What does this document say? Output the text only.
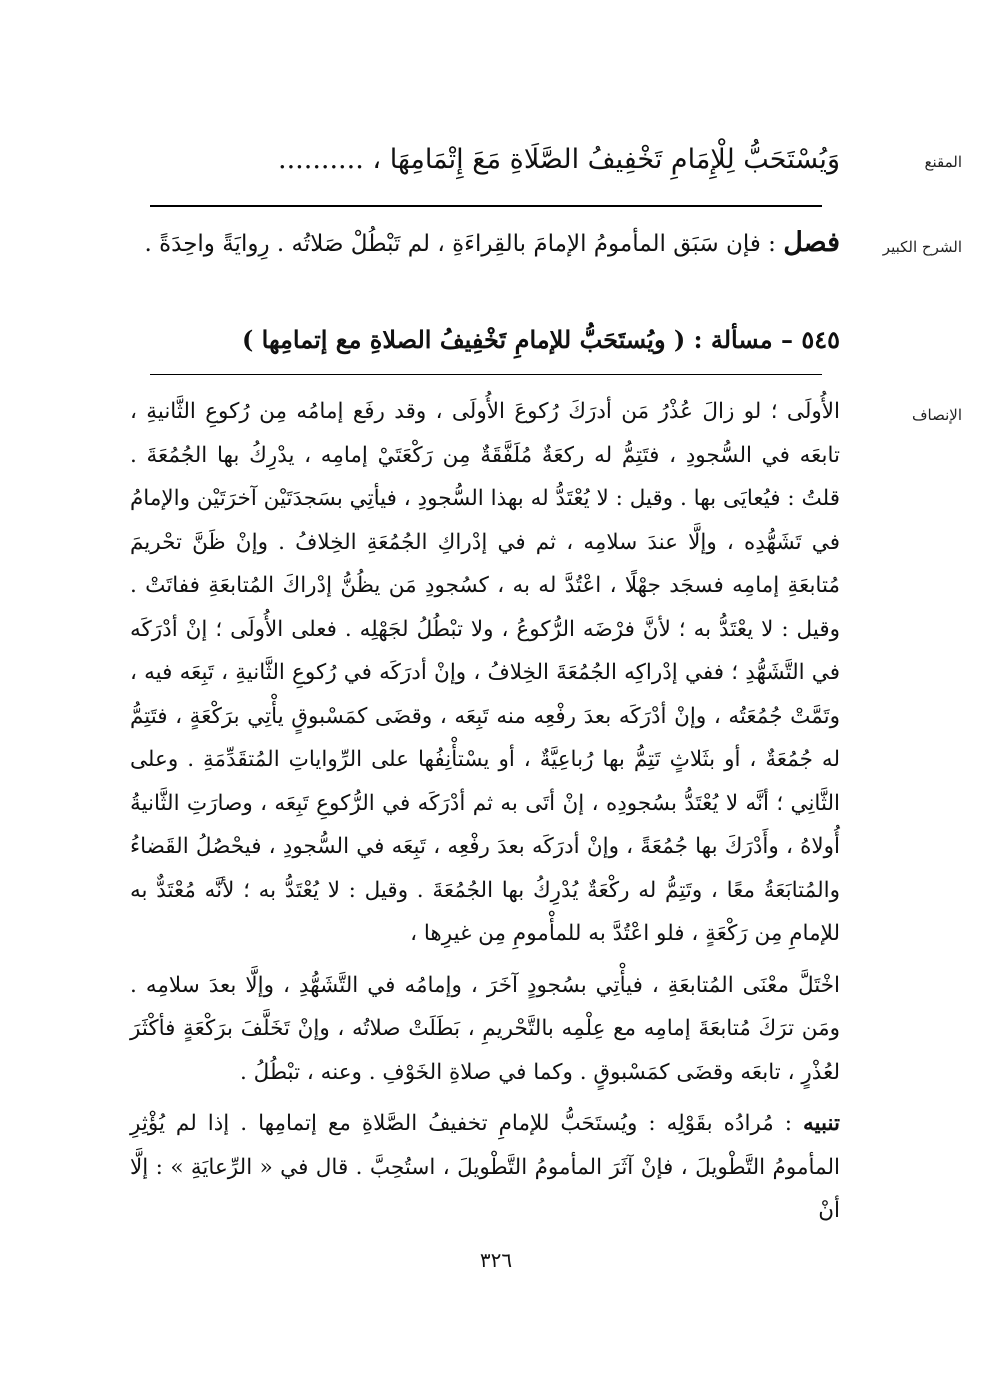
المقنع
وَيُسْتَحَبُّ لِلْإِمَامِ تَخْفِيفُ الصَّلَاةِ مَعَ إِتْمَامِهَا ، ..........
الشرح الكبير
فصل : فإن سَبَق المأمومُ الإمامَ بالقِراءَةِ ، لم تَبْطُلْ صَلاتُه . رِوايَةً واحِدَةً .
٥٤٥ – مسألة : ( ويُستَحَبُّ للإمامِ تَخْفِيفُ الصلاةِ مع إتمامِها )
الإنصاف

الأُولَى ؛ لو زالَ عُذْرُ مَن أدرَكَ رُكوعَ الأُولَى ، وقد رفَع إمامُه مِن رُكوعِ الثَّانيةِ ، تابعَه في السُّجودِ ، فتَتِمُّ له ركعَةٌ مُلَفَّقَةٌ مِن رَكْعَتَيْ إمامِه ، يدْرِكُ بها الجُمُعَةَ . قلتُ : فيُعايَى بها . وقيل : لا يُعْتَدُّ له بهذا السُّجودِ ، فيأتِي بسَجدَتَيْن آخرَتَيْن والإمامُ في تَشَهُّدِه ، وإلَّا عندَ سلامِه ، ثم في إدْراكِ الجُمُعَةِ الخِلافُ . وإنْ ظَنَّ تحْريمَ مُتابعَةِ إمامِه فسجَد جهْلًا ، اعْتُدَّ له به ، كسُجودِ مَن يظُنُّ إدْراكَ المُتابعَةِ ففاتَتْ . وقيل : لا يعْتَدُّ به ؛ لأنَّ فرْضَه الرُّكوعُ ، ولا تبْطُلُ لجَهْلِه . فعلى الأُولَى ؛ إنْ أدْرَكَه في التَّشَهُّدِ ؛ ففي إدْراكِه الجُمُعَةَ الخِلافُ ، وإنْ أدرَكَه في رُكوعِ الثَّانيةِ ، تَبِعَه فيه ، وتَمَّتْ جُمُعَتُه ، وإنْ أدْرَكَه بعدَ رفْعِه منه تَبِعَه ، وقضَى كمَسْبوقٍ يأْتِي برَكْعَةٍ ، فتَتِمُّ له جُمُعَةٌ ، أو بثَلاثٍ تَتِمُّ بها رُباعِيَّةٌ ، أو يسْتأْنِفُها على الرِّواياتِ المُتقَدِّمَةِ . وعلى الثَّانِي ؛ أنَّه لا يُعْتَدُّ بسُجودِه ، إنْ أتَى به ثم أدْرَكَه في الرُّكوعِ تَبِعَه ، وصارَتِ الثَّانيةُ أُولاهُ ، وأَدْرَكَ بها جُمُعَةً ، وإنْ أدرَكَه بعدَ رفْعِه ، تَبِعَه في السُّجودِ ، فيحْصُلُ القَضاءُ والمُتابَعَةُ معًا ، وتَتِمُّ له ركْعَةٌ يُدْرِكُ بها الجُمُعَةَ . وقيل : لا يُعْتَدُّ به ؛ لأنَّه مُعْتَدٌّ به للإمامِ مِن رَكْعَةٍ ، فلو اعْتُدَّ به للمأْمومِ مِن غيرِها ،

اخْتَلَّ معْنَى المُتابعَةِ ، فيأْتِي بسُجودٍ آخَرَ ، وإمامُه في التَّشَهُّدِ ، وإلَّا بعدَ سلامِه . ومَن ترَكَ مُتابعَةَ إمامِه مع عِلْمِه بالتَّحْريمِ ، بَطَلَتْ صلاتُه ، وإنْ تَخَلَّفَ برَكْعَةٍ فأكْثَرَ لعُذْرٍ ، تابعَه وقضَى كمَسْبوقٍ . وكما في صلاةِ الخَوْفِ . وعنه ، تبْطُلُ .

تنبيه : مُرادُه بقَوْلِه : ويُستَحَبُّ للإمامِ تخفيفُ الصَّلاةِ مع إتمامِها . إذا لم يُؤْثِرِ المأمومُ التَّطْويلَ ، فإنْ آثَرَ المأمومُ التَّطْويلَ ، استُحِبَّ . قال في « الرِّعايَةِ » : إلَّا أنْ

٣٢٦
